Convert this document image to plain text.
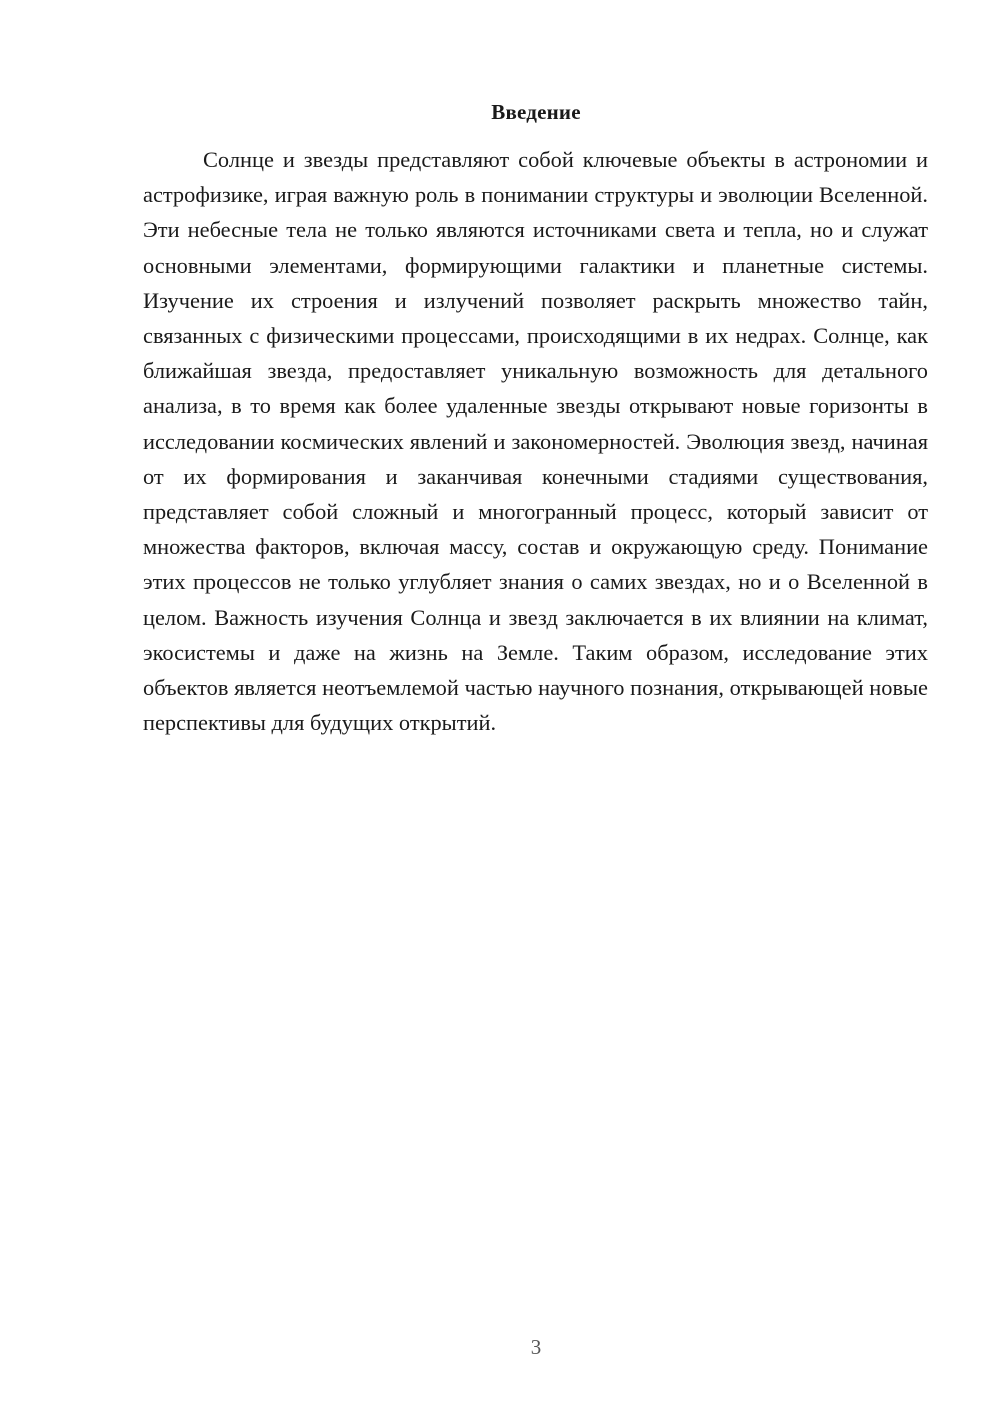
Введение

Солнце и звезды представляют собой ключевые объекты в астрономии и астрофизике, играя важную роль в понимании структуры и эволюции Вселенной. Эти небесные тела не только являются источниками света и тепла, но и служат основными элементами, формирующими галактики и планетные системы. Изучение их строения и излучений позволяет раскрыть множество тайн, связанных с физическими процессами, происходящими в их недрах. Солнце, как ближайшая звезда, предоставляет уникальную возможность для детального анализа, в то время как более удаленные звезды открывают новые горизонты в исследовании космических явлений и закономерностей. Эволюция звезд, начиная от их формирования и заканчивая конечными стадиями существования, представляет собой сложный и многогранный процесс, который зависит от множества факторов, включая массу, состав и окружающую среду. Понимание этих процессов не только углубляет знания о самих звездах, но и о Вселенной в целом. Важность изучения Солнца и звезд заключается в их влиянии на климат, экосистемы и даже на жизнь на Земле. Таким образом, исследование этих объектов является неотъемлемой частью научного познания, открывающей новые перспективы для будущих открытий.

3
